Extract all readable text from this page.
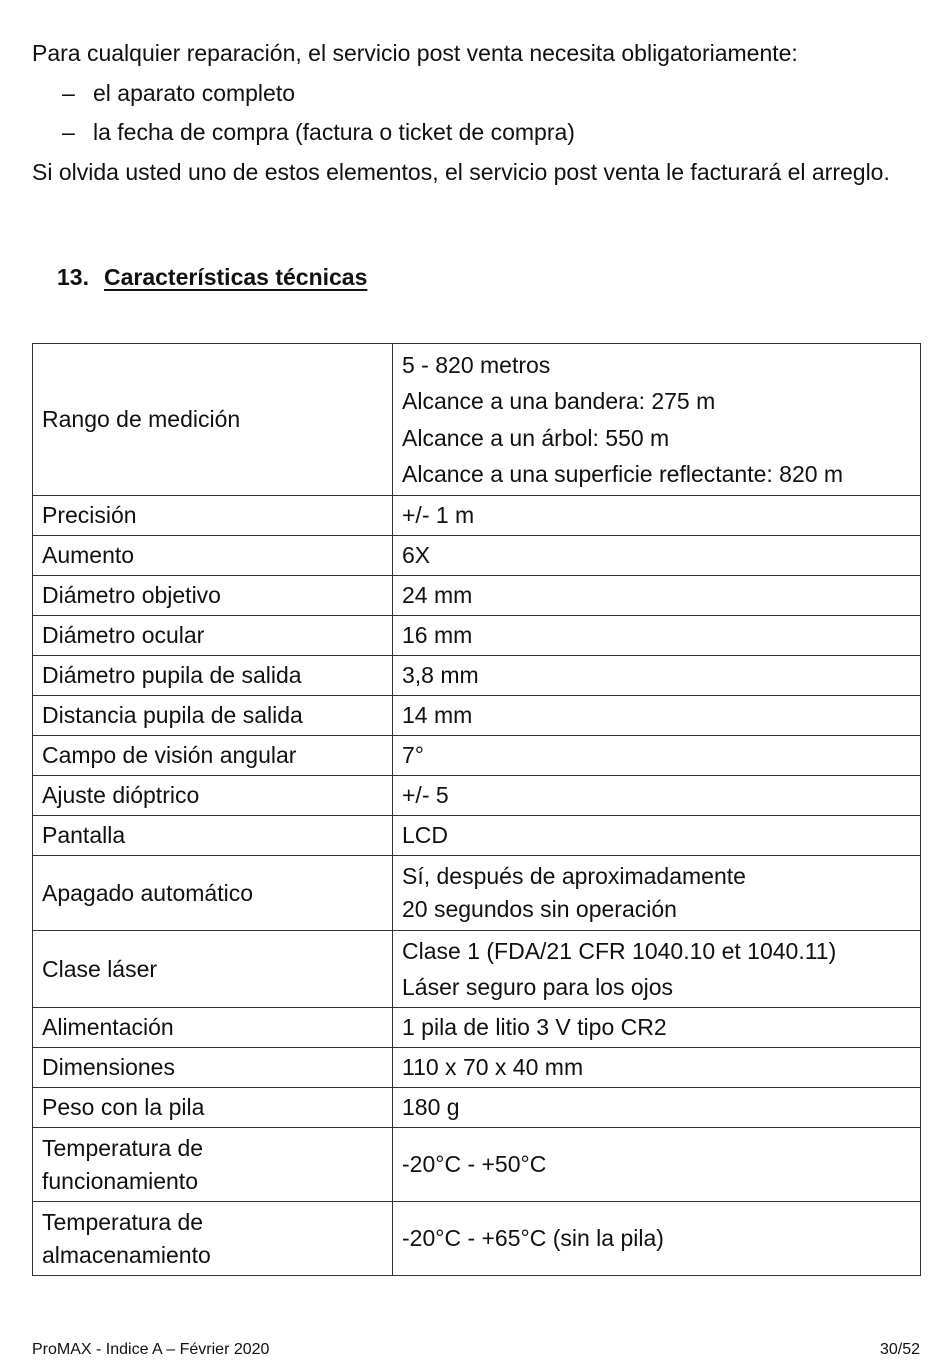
Para cualquier reparación, el servicio post venta necesita obligatoriamente:

– el aparato completo
– la fecha de compra (factura o ticket de compra)

Si olvida usted uno de estos elementos, el servicio post venta le facturará el arreglo.

13. Características técnicas
Rango de medición	5 - 820 metros
Alcance a una bandera: 275 m
Alcance a un árbol: 550 m
Alcance a una superficie reflectante: 820 m

Precisión	+/- 1 m
Aumento	6X
Diámetro objetivo	24 mm
Diámetro ocular	16 mm
Diámetro pupila de salida	3,8 mm
Distancia pupila de salida	14 mm
Campo de visión angular	7°
Ajuste dióptrico	+/- 5
Pantalla	LCD
Apagado automático	Sí, después de aproximadamente
20 segundos sin operación

Clase láser	Clase 1 (FDA/21 CFR 1040.10 et 1040.11)
Láser seguro para los ojos

Alimentación	1 pila de litio 3 V tipo CR2
Dimensiones	110 x 70 x 40 mm
Peso con la pila	180 g

Temperatura de
funcionamiento	-20°C - +50°C

Temperatura de
almacenamiento	-20°C - +65°C (sin la pila)
ProMAX - Indice A – Février 2020	30/52
